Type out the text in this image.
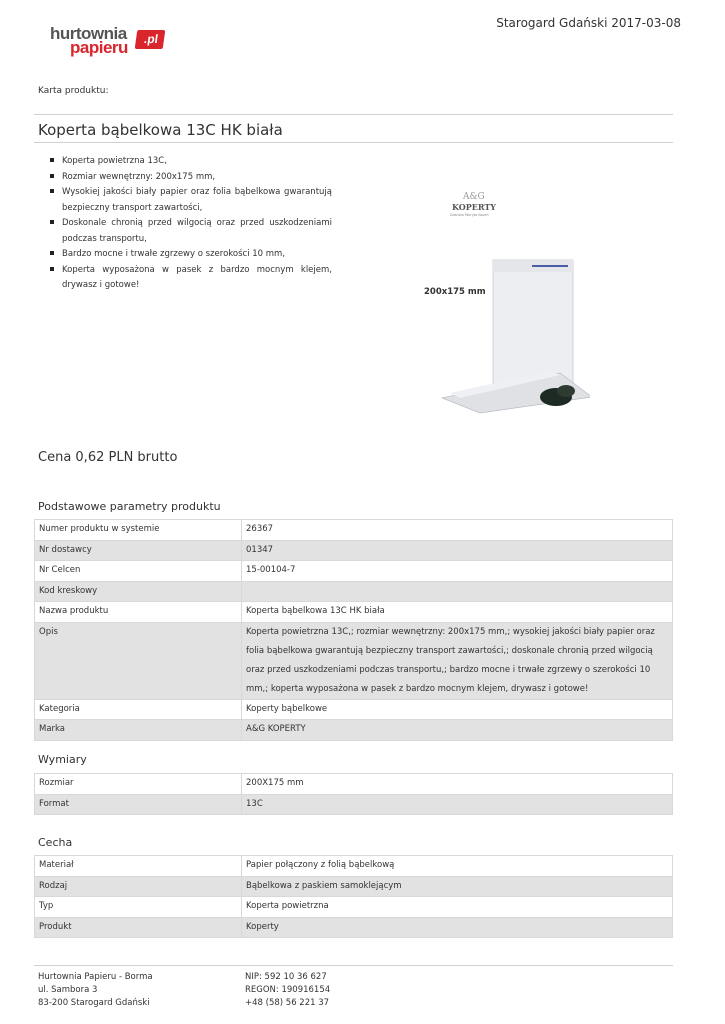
hurtownia
papieru	.pl
Starogard Gdański 2017-03-08
Karta produktu:
Koperta bąbelkowa 13C HK biała
Koperta powietrzna 13C,
Rozmiar wewnętrzny: 200x175 mm,
Wysokiej jakości biały papier oraz folia bąbelkowa gwarantują bezpieczny transport zawartości,
Doskonale chronią przed wilgocią oraz przed uszkodzeniami podczas transportu,
Bardzo mocne i trwałe zgrzewy o szerokości 10 mm,
Koperta wyposażona w pasek z bardzo mocnym klejem, drywasz i gotowe!
A&G
KOPERTY
Gdańska Fabryka Kopert
200x175 mm
Cena 0,62 PLN brutto
Podstawowe parametry produktu
Numer produktu w systemie	26367
Nr dostawcy	01347
Nr Celcen	15-00104-7
Kod kreskowy	
Nazwa produktu	Koperta bąbelkowa 13C HK biała
Opis	Koperta powietrzna 13C,; rozmiar wewnętrzny: 200x175 mm,; wysokiej jakości biały papier oraz folia bąbelkowa gwarantują bezpieczny transport zawartości,; doskonale chronią przed wilgocią oraz przed uszkodzeniami podczas transportu,; bardzo mocne i trwałe zgrzewy o szerokości 10 mm,; koperta wyposażona w pasek z bardzo mocnym klejem, drywasz i gotowe!
Kategoria	Koperty bąbelkowe
Marka	A&G KOPERTY
Wymiary
Rozmiar	200X175 mm
Format	13C
Cecha
Materiał	Papier połączony z folią bąbelkową
Rodzaj	Bąbelkowa z paskiem samoklejącym
Typ	Koperta powietrzna
Produkt	Koperty
Hurtownia Papieru - Borma
ul. Sambora 3
83-200 Starogard Gdański
NIP: 592 10 36 627
REGON: 190916154
+48 (58) 56 221 37
